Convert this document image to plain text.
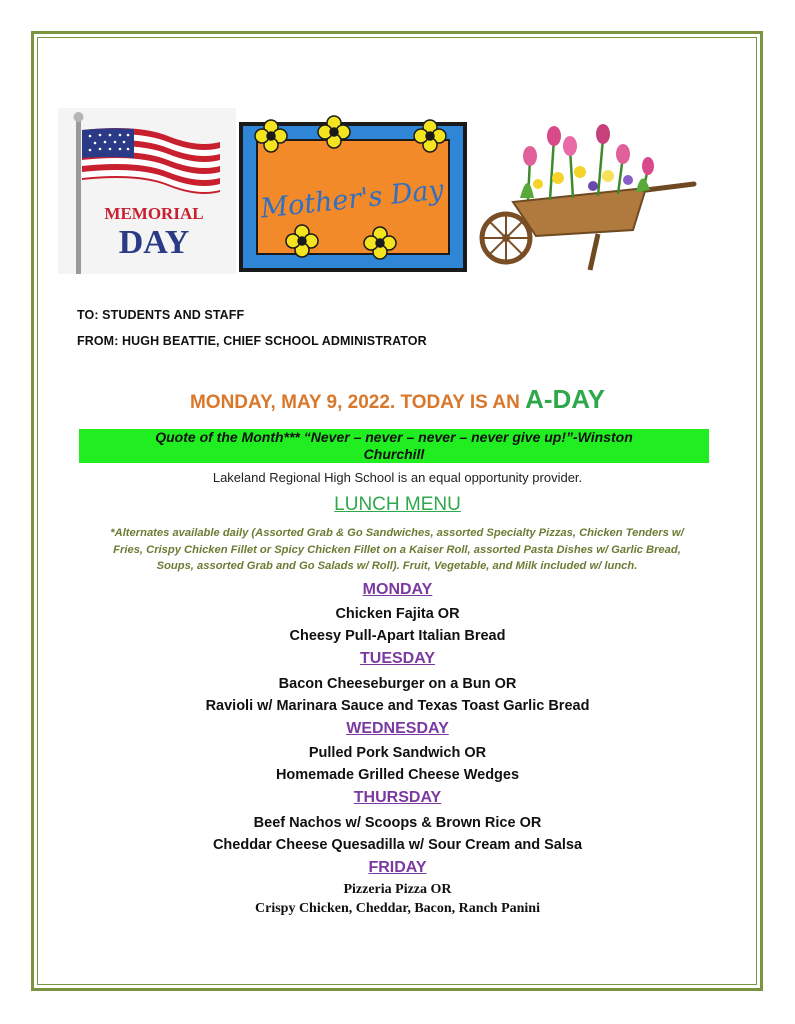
MEMORIAL
DAY
Mother's Day
TO: STUDENTS AND STAFF
FROM: HUGH BEATTIE, CHIEF SCHOOL ADMINISTRATOR
MONDAY, MAY 9, 2022. TODAY IS AN A-DAY
Quote of the Month*** “Never – never – never – never give up!”-Winston
Churchill
Lakeland Regional High School is an equal opportunity provider.
LUNCH MENU
*Alternates available daily (Assorted Grab & Go Sandwiches, assorted Specialty Pizzas, Chicken Tenders w/
Fries, Crispy Chicken Fillet or Spicy Chicken Fillet on a Kaiser Roll, assorted Pasta Dishes w/ Garlic Bread,
Soups, assorted Grab and Go Salads w/ Roll). Fruit, Vegetable, and Milk included w/ lunch.
MONDAY
Chicken Fajita OR
Cheesy Pull-Apart Italian Bread
TUESDAY
Bacon Cheeseburger on a Bun OR
Ravioli w/ Marinara Sauce and Texas Toast Garlic Bread
WEDNESDAY
Pulled Pork Sandwich OR
Homemade Grilled Cheese Wedges
THURSDAY
Beef Nachos w/ Scoops & Brown Rice OR
Cheddar Cheese Quesadilla w/ Sour Cream and Salsa
FRIDAY
Pizzeria Pizza OR
Crispy Chicken, Cheddar, Bacon, Ranch Panini
